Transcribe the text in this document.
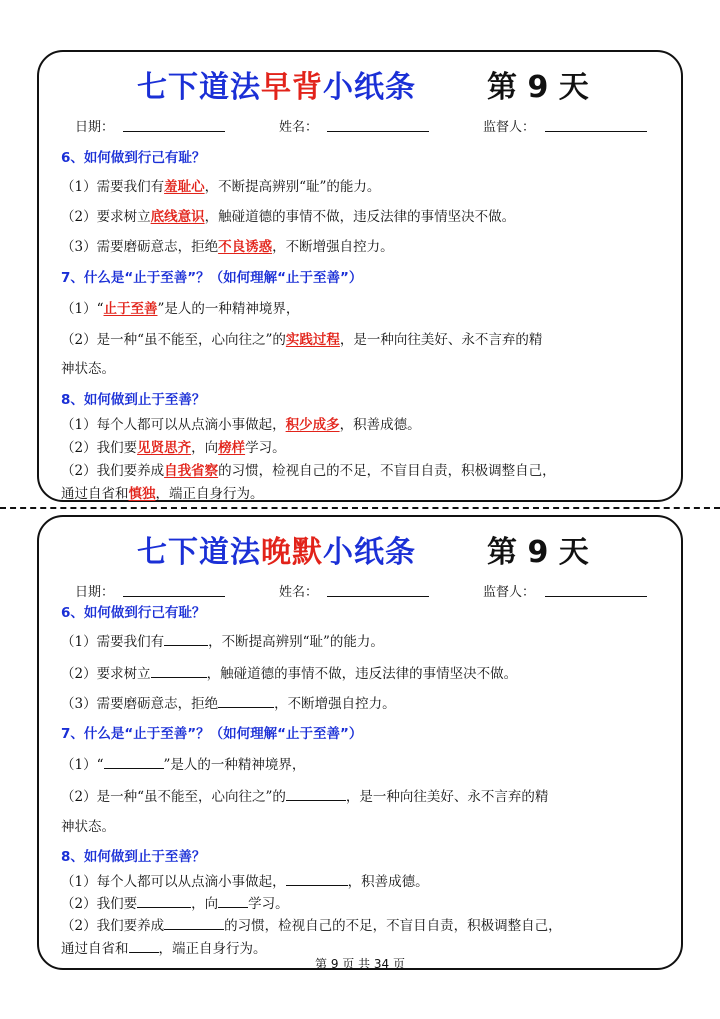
七下道法早背小纸条 第 9 天
日期：	姓名：	监督人：
6、如何做到行己有耻？
（1）需要我们有羞耻心，不断提高辨别“耻”的能力。
（2）要求树立底线意识，触碰道德的事情不做，违反法律的事情坚决不做。
（3）需要磨砺意志，拒绝不良诱惑，不断增强自控力。
7、什么是“止于至善”？（如何理解“止于至善”）
（1）“止于至善”是人的一种精神境界，
（2）是一种“虽不能至，心向往之”的实践过程，是一种向往美好、永不言弃的精
神状态。
8、如何做到止于至善？
（1）每个人都可以从点滴小事做起，积少成多，积善成德。
（2）我们要见贤思齐，向榜样学习。
（2）我们要养成自我省察的习惯，检视自己的不足，不盲目自责，积极调整自己，
通过自省和慎独，端正自身行为。
七下道法晚默小纸条 第 9 天
日期：	姓名：	监督人：
6、如何做到行己有耻？
（1）需要我们有	，不断提高辨别“耻”的能力。
（2）要求树立	，触碰道德的事情不做，违反法律的事情坚决不做。
（3）需要磨砺意志，拒绝	，不断增强自控力。
7、什么是“止于至善”？（如何理解“止于至善”）
（1）“	”是人的一种精神境界，
（2）是一种“虽不能至，心向往之”的	，是一种向往美好、永不言弃的精
神状态。
8、如何做到止于至善？
（1）每个人都可以从点滴小事做起，	，积善成德。
（2）我们要	，向 学习。
（2）我们要养成	的习惯，检视自己的不足，不盲目自责，积极调整自己，
通过自省和 ，端正自身行为。
第 9 页 共 34 页
